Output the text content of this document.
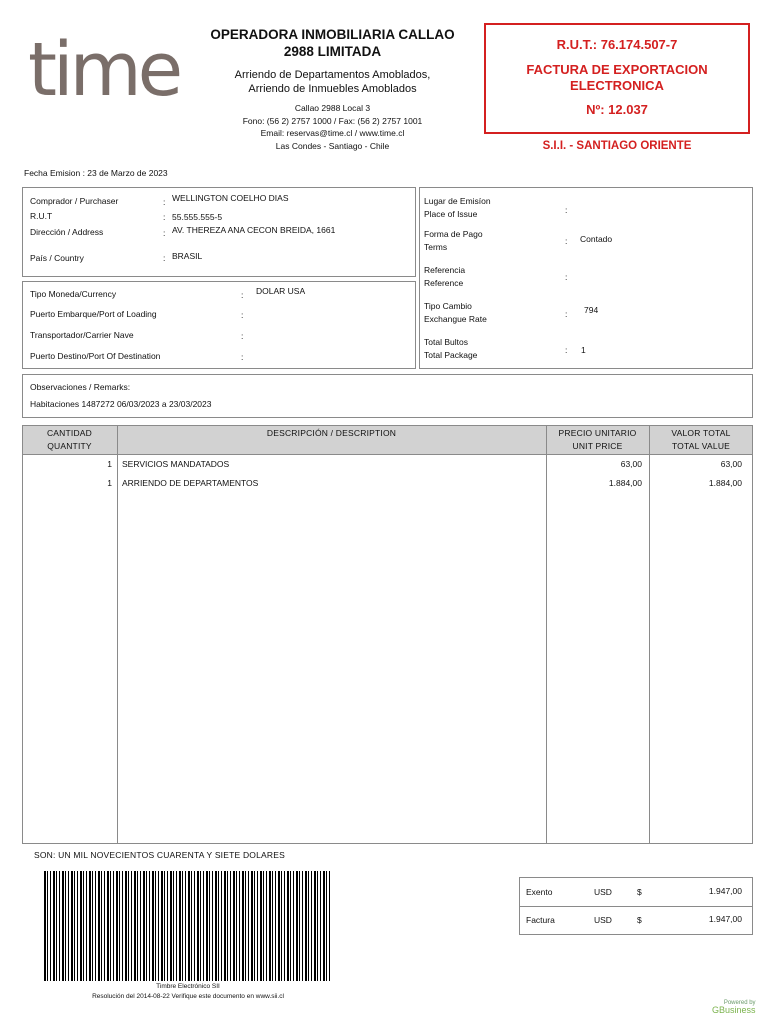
time	OPERADORA INMOBILIARIA CALLAO
2988 LIMITADA
Arriendo de Departamentos Amoblados,
Arriendo de Inmuebles Amoblados
Callao 2988 Local 3
Fono: (56 2) 2757 1000 / Fax: (56 2) 2757 1001
Email: reservas@time.cl / www.time.cl
Las Condes - Santiago - Chile
R.U.T.: 76.174.507-7
FACTURA DE EXPORTACION
ELECTRONICA
Nº: 12.037
S.I.I. - SANTIAGO ORIENTE
Fecha Emision : 23 de Marzo de 2023
Comprador / Purchaser	: WELLINGTON COELHO DIAS
R.U.T	: 55.555.555-5
Dirección / Address	: AV. THEREZA ANA CECON BREIDA, 1661
País / Country	: BRASIL
Tipo Moneda/Currency	: DOLAR USA
Puerto Embarque/Port of Loading	:
Transportador/Carrier Nave	:
Puerto Destino/Port Of Destination	:
Lugar de Emisíon
Place of Issue	:
Forma de Pago
Terms
: Contado
Referencia
Reference
:
Tipo Cambio
Exchangue Rate	: 794
Total Bultos
Total Package	: 1
Observaciones / Remarks:
Habitaciones 1487272 06/03/2023 a 23/03/2023
CANTIDAD
QUANTITY
DESCRIPCIÓN / DESCRIPTION	PRECIO UNITARIO
UNIT PRICE
VALOR TOTAL
TOTAL VALUE
1 SERVICIOS MANDATADOS	63,00	63,00
1 ARRIENDO DE DEPARTAMENTOS	1.884,00	1.884,00
SON: UN MIL NOVECIENTOS CUARENTA Y SIETE DOLARES
Timbre Electrónico SII
Resolución del 2014-08-22 Verifique este documento en www.sii.cl
Exento	USD	$	1.947,00
Factura	USD	$	1.947,00
Powered by
GBusiness
